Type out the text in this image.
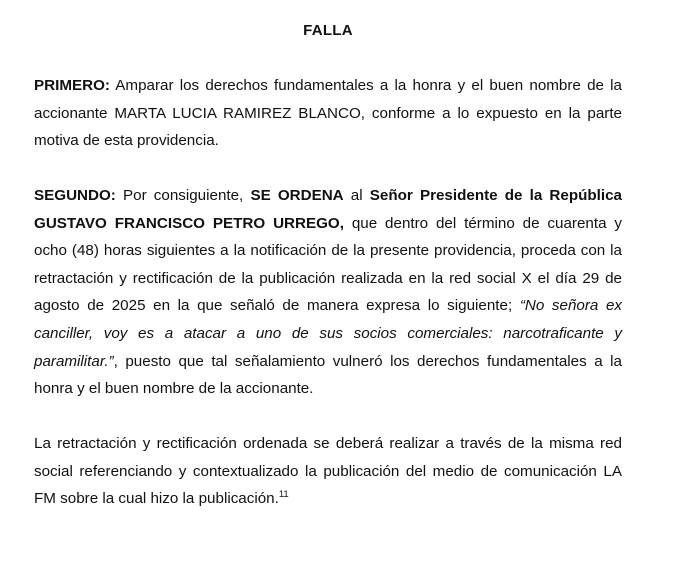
FALLA

PRIMERO: Amparar los derechos fundamentales a la honra y el buen nombre de la accionante MARTA LUCIA RAMIREZ BLANCO, conforme a lo expuesto en la parte motiva de esta providencia.

SEGUNDO: Por consiguiente, SE ORDENA al Señor Presidente de la República GUSTAVO FRANCISCO PETRO URREGO, que dentro del término de cuarenta y ocho (48) horas siguientes a la notificación de la presente providencia, proceda con la retractación y rectificación de la publicación realizada en la red social X el día 29 de agosto de 2025 en la que señaló de manera expresa lo siguiente; “No señora ex canciller, voy es a atacar a uno de sus socios comerciales: narcotraficante y paramilitar.”, puesto que tal señalamiento vulneró los derechos fundamentales a la honra y el buen nombre de la accionante.

La retractación y rectificación ordenada se deberá realizar a través de la misma red social referenciando y contextualizado la publicación del medio de comunicación LA FM sobre la cual hizo la publicación.$^{11}$
